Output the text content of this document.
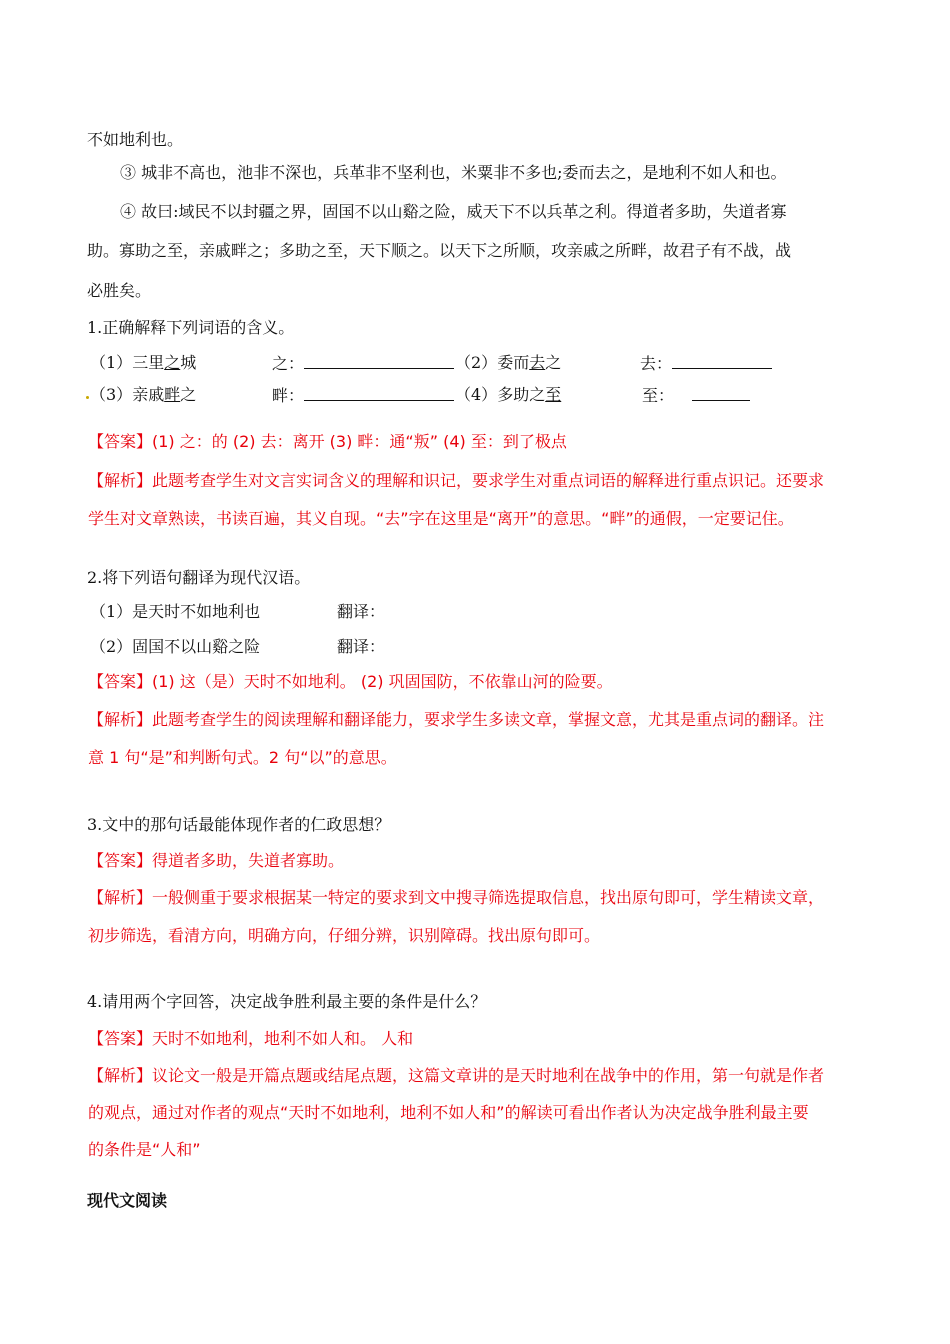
不如地利也。
③ 城非不高也，池非不深也，兵革非不坚利也，米粟非不多也;委而去之，是地利不如人和也。
④ 故曰:域民不以封疆之界，固国不以山谿之险，威天下不以兵革之利。得道者多助，失道者寡
助。寡助之至，亲戚畔之；多助之至，天下顺之。以天下之所顺，攻亲戚之所畔，故君子有不战，战
必胜矣。
1.正确解释下列词语的含义。
（1）三里之城	之：	（2）委而去之	去：
（3）亲戚畔之	畔：	（4）多助之至	至：
【答案】(1) 之：的 (2) 去：离开 (3) 畔：通“叛” (4) 至：到了极点
【解析】此题考查学生对文言实词含义的理解和识记，要求学生对重点词语的解释进行重点识记。还要求
学生对文章熟读，书读百遍，其义自现。“去”字在这里是“离开”的意思。“畔”的通假，一定要记住。
2.将下列语句翻译为现代汉语。
（1）是天时不如地利也	翻译：
（2）固国不以山谿之险	翻译：
【答案】(1) 这（是）天时不如地利。 (2) 巩固国防，不依靠山河的险要。
【解析】此题考查学生的阅读理解和翻译能力，要求学生多读文章，掌握文意，尤其是重点词的翻译。注
意 1 句“是”和判断句式。2 句“以”的意思。
3.文中的那句话最能体现作者的仁政思想？
【答案】得道者多助，失道者寡助。
【解析】一般侧重于要求根据某一特定的要求到文中搜寻筛选提取信息，找出原句即可，学生精读文章，
初步筛选，看清方向，明确方向，仔细分辨，识别障碍。找出原句即可。
4.请用两个字回答，决定战争胜利最主要的条件是什么？
【答案】天时不如地利，地利不如人和。 人和
【解析】议论文一般是开篇点题或结尾点题，这篇文章讲的是天时地利在战争中的作用，第一句就是作者
的观点，通过对作者的观点“天时不如地利，地利不如人和”的解读可看出作者认为决定战争胜利最主要
的条件是“人和”
现代文阅读
